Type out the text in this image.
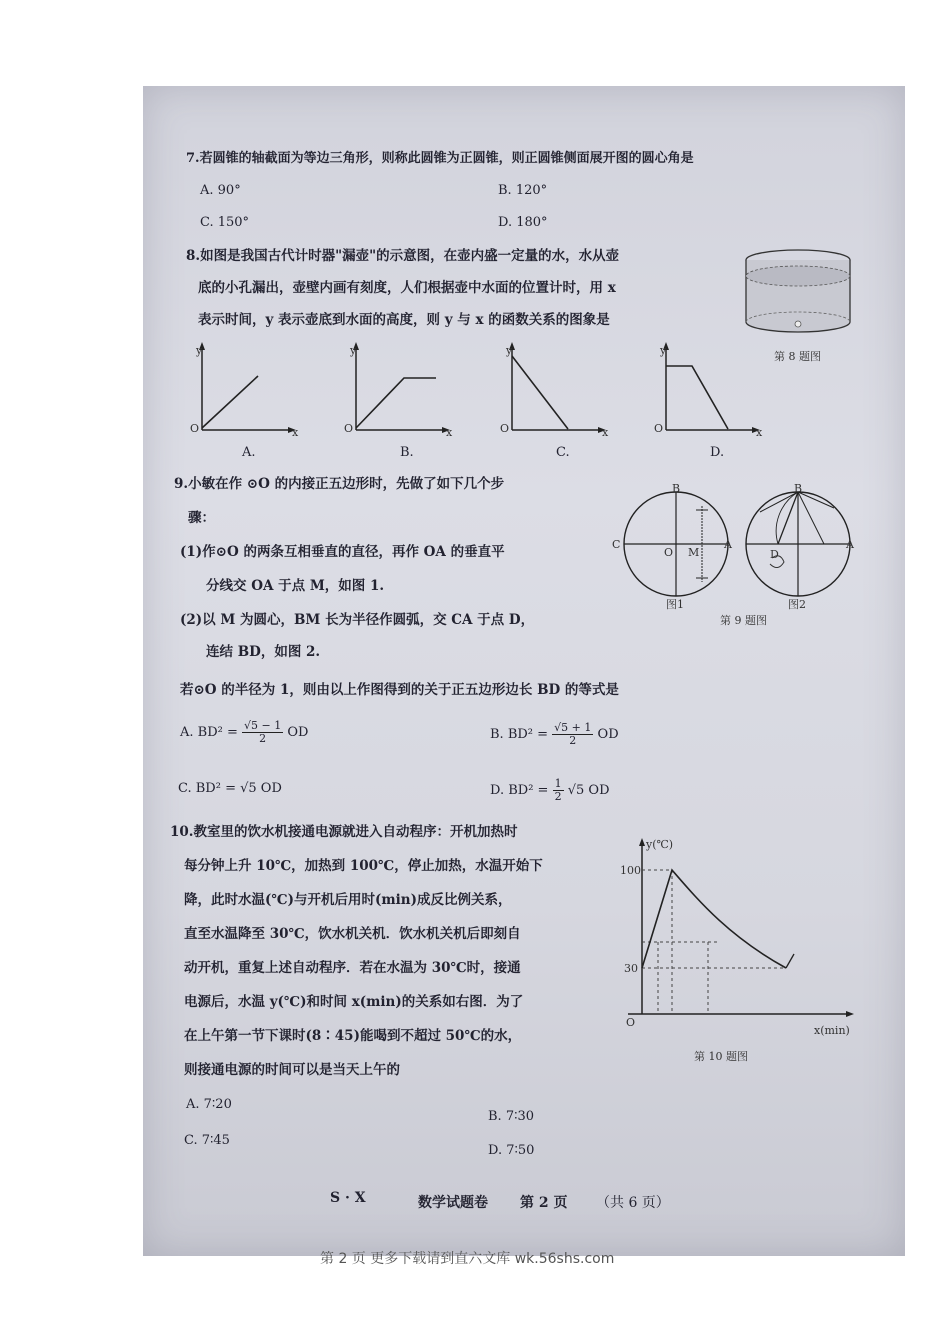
7.若圆锥的轴截面为等边三角形，则称此圆锥为正圆锥，则正圆锥侧面展开图的圆心角是
A. 90°	B. 120°
C. 150°	D. 180°
8.如图是我国古代计时器"漏壶"的示意图，在壶内盛一定量的水，水从壶
底的小孔漏出，壶壁内画有刻度，人们根据壶中水面的位置计时，用 x
表示时间，y 表示壶底到水面的高度，则 y 与 x 的函数关系的图象是
第 8 题图
y
O	x
A.
y
O	x
B.
y
O	x
C.
y
O	x
D.
9.小敏在作 ⊙O 的内接正五边形时，先做了如下几个步
骤：
(1)作⊙O 的两条互相垂直的直径，再作 OA 的垂直平
分线交 OA 于点 M，如图 1.
(2)以 M 为圆心，BM 长为半径作圆弧，交 CA 于点 D，
连结 BD，如图 2.
若⊙O 的半径为 1，则由以上作图得到的关于正五边形边长 BD 的等式是
A. $BD^2 = \frac{√5 - 1}{2}$ OD	B. $BD^2 = \frac{√5 + 1}{2}$ OD
C. BD² = √5 OD	D. $BD^2 = \frac{1}{2} √5$ OD
B
C
O M
A
图1
B
A
D
图2
第 9 题图
10.教室里的饮水机接通电源就进入自动程序：开机加热时
每分钟上升 10℃，加热到 100℃，停止加热，水温开始下
降，此时水温(℃)与开机后用时(min)成反比例关系，
直至水温降至 30℃，饮水机关机．饮水机关机后即刻自
动开机，重复上述自动程序．若在水温为 30℃时，接通
电源后，水温 y(℃)和时间 x(min)的关系如右图．为了
在上午第一节下课时(8∶45)能喝到不超过 50℃的水，
则接通电源的时间可以是当天上午的
A. 7∶20
B. 7∶30
C. 7∶45
D. 7∶50
y(℃)
100
30
O
x(min)
第 10 题图
S · X	数学试题卷 第 2 页 （共 6 页）
第 2 页 更多下载请到直六文库 wk.56shs.com
